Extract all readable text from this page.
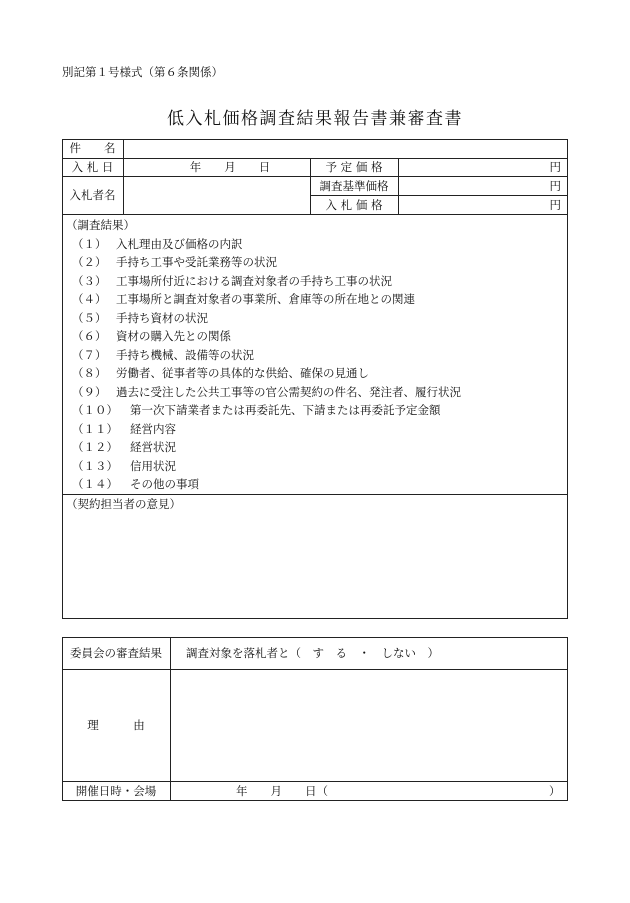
別記第１号様式（第６条関係）
低入札価格調査結果報告書兼審査書
件　　名
入 札 日	年　　月　　日	予 定 価 格	円
入札者名
調査基準価格	円
入 札 価 格	円
（調査結果）
（１） 入札理由及び価格の内訳
（２） 手持ち工事や受託業務等の状況
（３） 工事場所付近における調査対象者の手持ち工事の状況
（４） 工事場所と調査対象者の事業所、倉庫等の所在地との関連
（５） 手持ち資材の状況
（６） 資材の購入先との関係
（７） 手持ち機械、設備等の状況
（８） 労働者、従事者等の具体的な供給、確保の見通し
（９） 過去に受注した公共工事等の官公需契約の件名、発注者、履行状況
（１０） 第一次下請業者または再委託先、下請または再委託予定金額
（１１） 経営内容
（１２） 経営状況
（１３） 信用状況
（１４） その他の事項
（契約担当者の意見）
委員会の審査結果	調査対象を落札者と（　す　る　・　しない　）
理　　　由
開催日時・会場	年　　月　　日（	）
